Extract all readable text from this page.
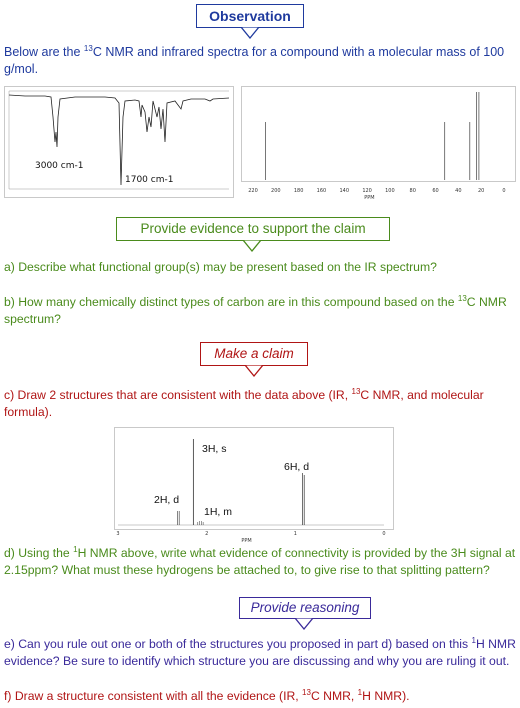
Observation
Below are the $^{13}$C NMR and infrared spectra for a compound with a molecular mass of 100 g/mol.
3000 cm-1
1700 cm-1
220	200	180	160	140	120	100	80	60	40	20	0
PPM
Provide evidence to support the claim
a) Describe what functional group(s) may be present based on the IR spectrum?
b) How many chemically distinct types of carbon are in this compound based on the $^{13}$C NMR spectrum?
Make a claim
c) Draw 2 structures that are consistent with the data above (IR, $^{13}$C NMR, and molecular formula).
3	2	1	0
PPM
3H, s
6H, d
2H, d
1H, m
d) Using the $^1$H NMR above, write what evidence of connectivity is provided by the 3H signal at 2.15ppm? What must these hydrogens be attached to, to give rise to that splitting pattern?
Provide reasoning
e) Can you rule out one or both of the structures you proposed in part d) based on this $^1$H NMR evidence? Be sure to identify which structure you are discussing and why you are ruling it out.
f) Draw a structure consistent with all the evidence (IR, $^{13}$C NMR, $^1$H NMR).
